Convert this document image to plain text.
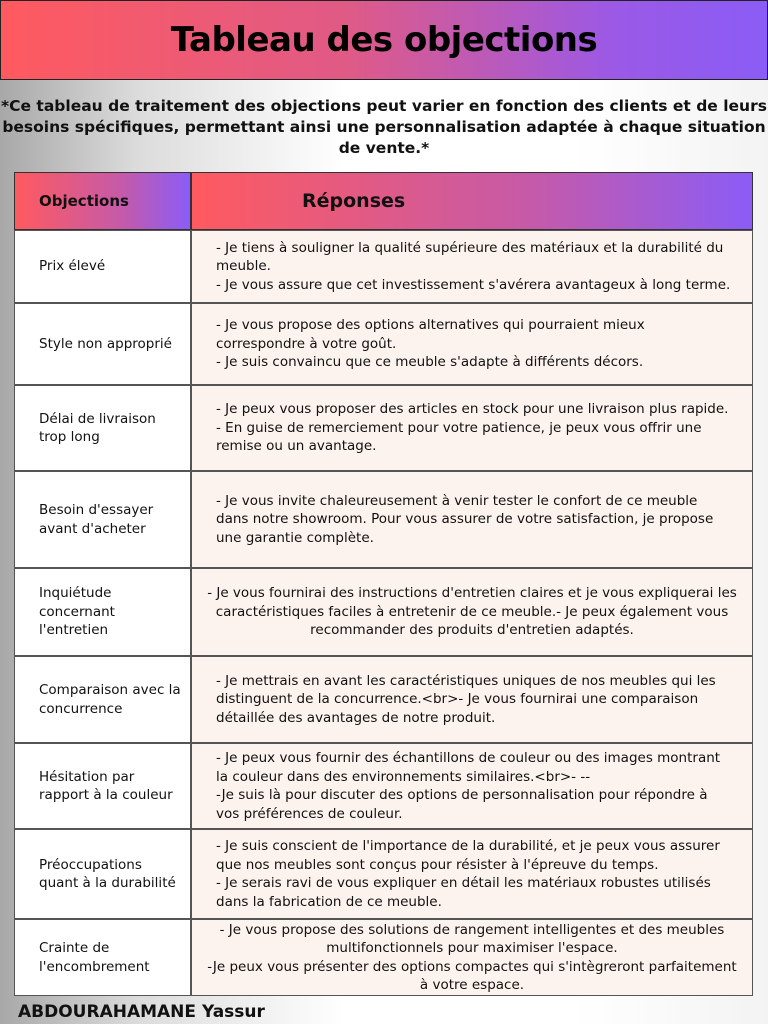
Tableau des objections
*Ce tableau de traitement des objections peut varier en fonction des clients et de leurs besoins spécifiques, permettant ainsi une personnalisation adaptée à chaque situation de vente.*
Objections	Réponses
Prix élevé
- Je tiens à souligner la qualité supérieure des matériaux et la durabilité du meuble.
- Je vous assure que cet investissement s'avérera avantageux à long terme.
Style non approprié
- Je vous propose des options alternatives qui pourraient mieux correspondre à votre goût.
- Je suis convaincu que ce meuble s'adapte à différents décors.
Délai de livraison trop long
- Je peux vous proposer des articles en stock pour une livraison plus rapide.
- En guise de remerciement pour votre patience, je peux vous offrir une remise ou un avantage.
Besoin d'essayer avant d'acheter
- Je vous invite chaleureusement à venir tester le confort de ce meuble dans notre showroom. Pour vous assurer de votre satisfaction, je propose une garantie complète.
Inquiétude concernant l'entretien
- Je vous fournirai des instructions d'entretien claires et je vous expliquerai les caractéristiques faciles à entretenir de ce meuble.- Je peux également vous recommander des produits d'entretien adaptés.
Comparaison avec la concurrence
- Je mettrais en avant les caractéristiques uniques de nos meubles qui les distinguent de la concurrence.<br>- Je vous fournirai une comparaison détaillée des avantages de notre produit.
Hésitation par rapport à la couleur
- Je peux vous fournir des échantillons de couleur ou des images montrant la couleur dans des environnements similaires.<br>- --
-Je suis là pour discuter des options de personnalisation pour répondre à vos préférences de couleur.
Préoccupations quant à la durabilité
- Je suis conscient de l'importance de la durabilité, et je peux vous assurer que nos meubles sont conçus pour résister à l'épreuve du temps.
- Je serais ravi de vous expliquer en détail les matériaux robustes utilisés dans la fabrication de ce meuble.
Crainte de l'encombrement
- Je vous propose des solutions de rangement intelligentes et des meubles multifonctionnels pour maximiser l'espace.
-Je peux vous présenter des options compactes qui s'intègreront parfaitement à votre espace.
ABDOURAHAMANE Yassur
